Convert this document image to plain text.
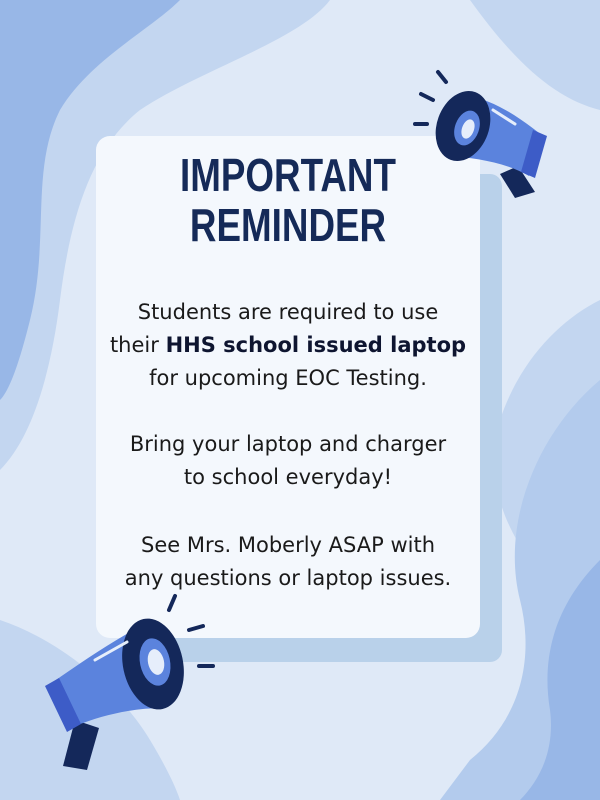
IMPORTANT
REMINDER

Students are required to use
their HHS school issued laptop
for upcoming EOC Testing.

Bring your laptop and charger
to school everyday!

See Mrs. Moberly ASAP with
any questions or laptop issues.
